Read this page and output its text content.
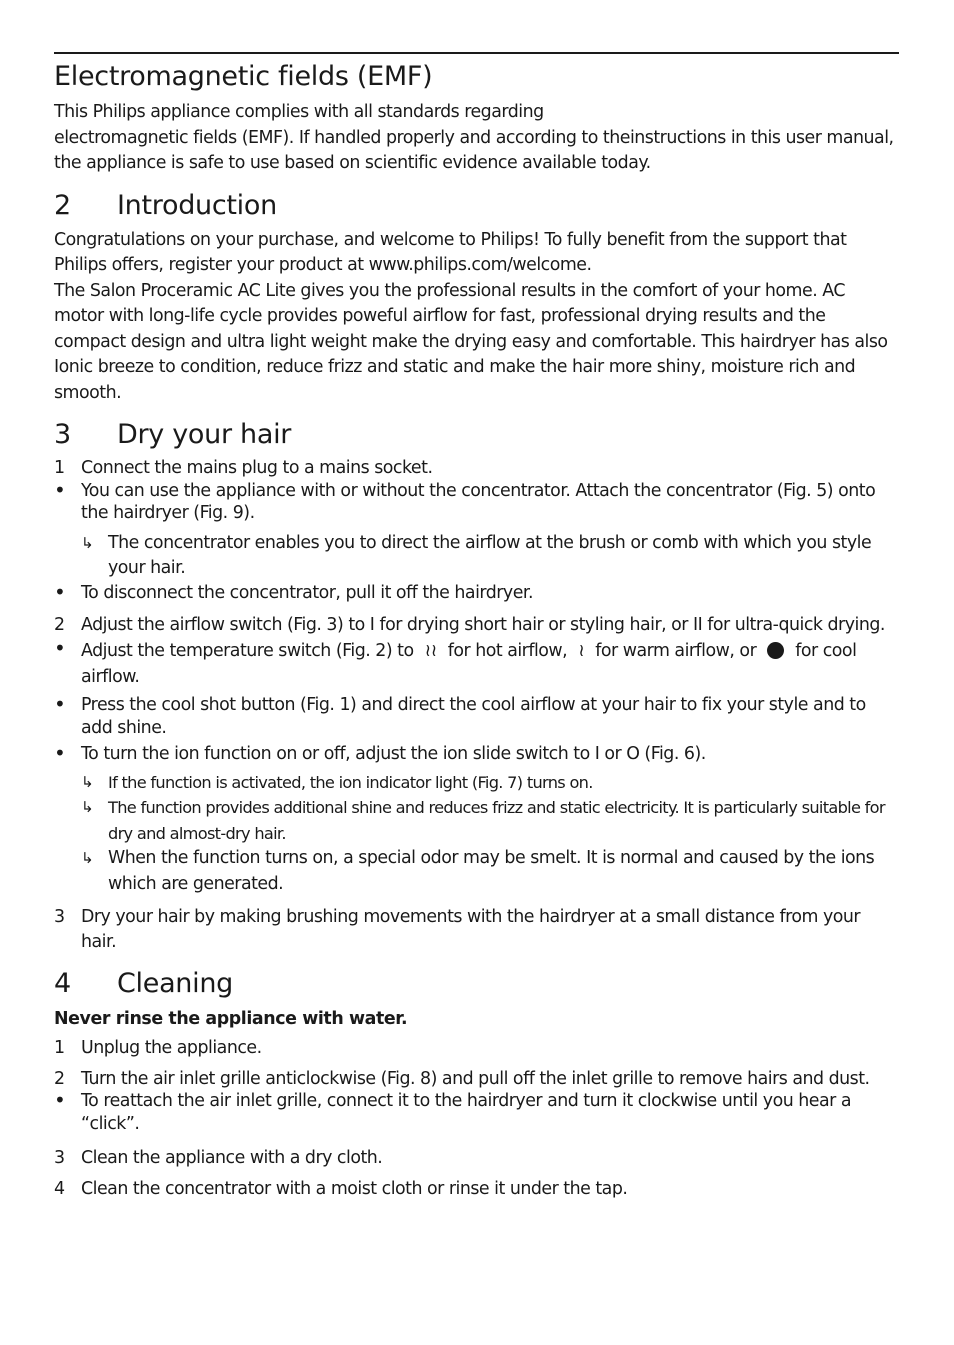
Electromagnetic fields (EMF)

This Philips appliance complies with all standards regarding

electromagnetic fields (EMF). If handled properly and according to theinstructions in this user manual, the appliance is safe to use based on scientific evidence available today.

2	Introduction

Congratulations on your purchase, and welcome to Philips! To fully benefit from the support that Philips offers, register your product at www.philips.com/welcome.

The Salon Proceramic AC Lite gives you the professional results in the comfort of your home. AC motor with long-life cycle provides poweful airflow for fast, professional drying results and the compact design and ultra light weight make the drying easy and comfortable. This hairdryer has also Ionic breeze to condition, reduce frizz and static and make the hair more shiny, moisture rich and smooth.

3	Dry your hair
1 Connect the mains plug to a mains socket.
• You can use the appliance with or without the concentrator. Attach the concentrator (Fig. 5) onto the hairdryer (Fig. 9).
↳ The concentrator enables you to direct the airflow at the brush or comb with which you style your hair.
• To disconnect the concentrator, pull it off the hairdryer.
2 Adjust the airflow switch (Fig. 3) to I for drying short hair or styling hair, or II for ultra-quick drying.
• Adjust the temperature switch (Fig. 2) to ≀≀ for hot airflow, ≀ for warm airflow, or for cool airflow.
• Press the cool shot button (Fig. 1) and direct the cool airflow at your hair to fix your style and to add shine.
• To turn the ion function on or off, adjust the ion slide switch to I or O (Fig. 6).
↳ If the function is activated, the ion indicator light (Fig. 7) turns on.
↳ The function provides additional shine and reduces frizz and static electricity. It is particularly suitable for dry and almost-dry hair.
↳ When the function turns on, a special odor may be smelt. It is normal and caused by the ions which are generated.
3 Dry your hair by making brushing movements with the hairdryer at a small distance from your hair.
4	Cleaning
Never rinse the appliance with water.
1 Unplug the appliance.
2 Turn the air inlet grille anticlockwise (Fig. 8) and pull off the inlet grille to remove hairs and dust.
• To reattach the air inlet grille, connect it to the hairdryer and turn it clockwise until you hear a “click”.
3 Clean the appliance with a dry cloth.
4 Clean the concentrator with a moist cloth or rinse it under the tap.
